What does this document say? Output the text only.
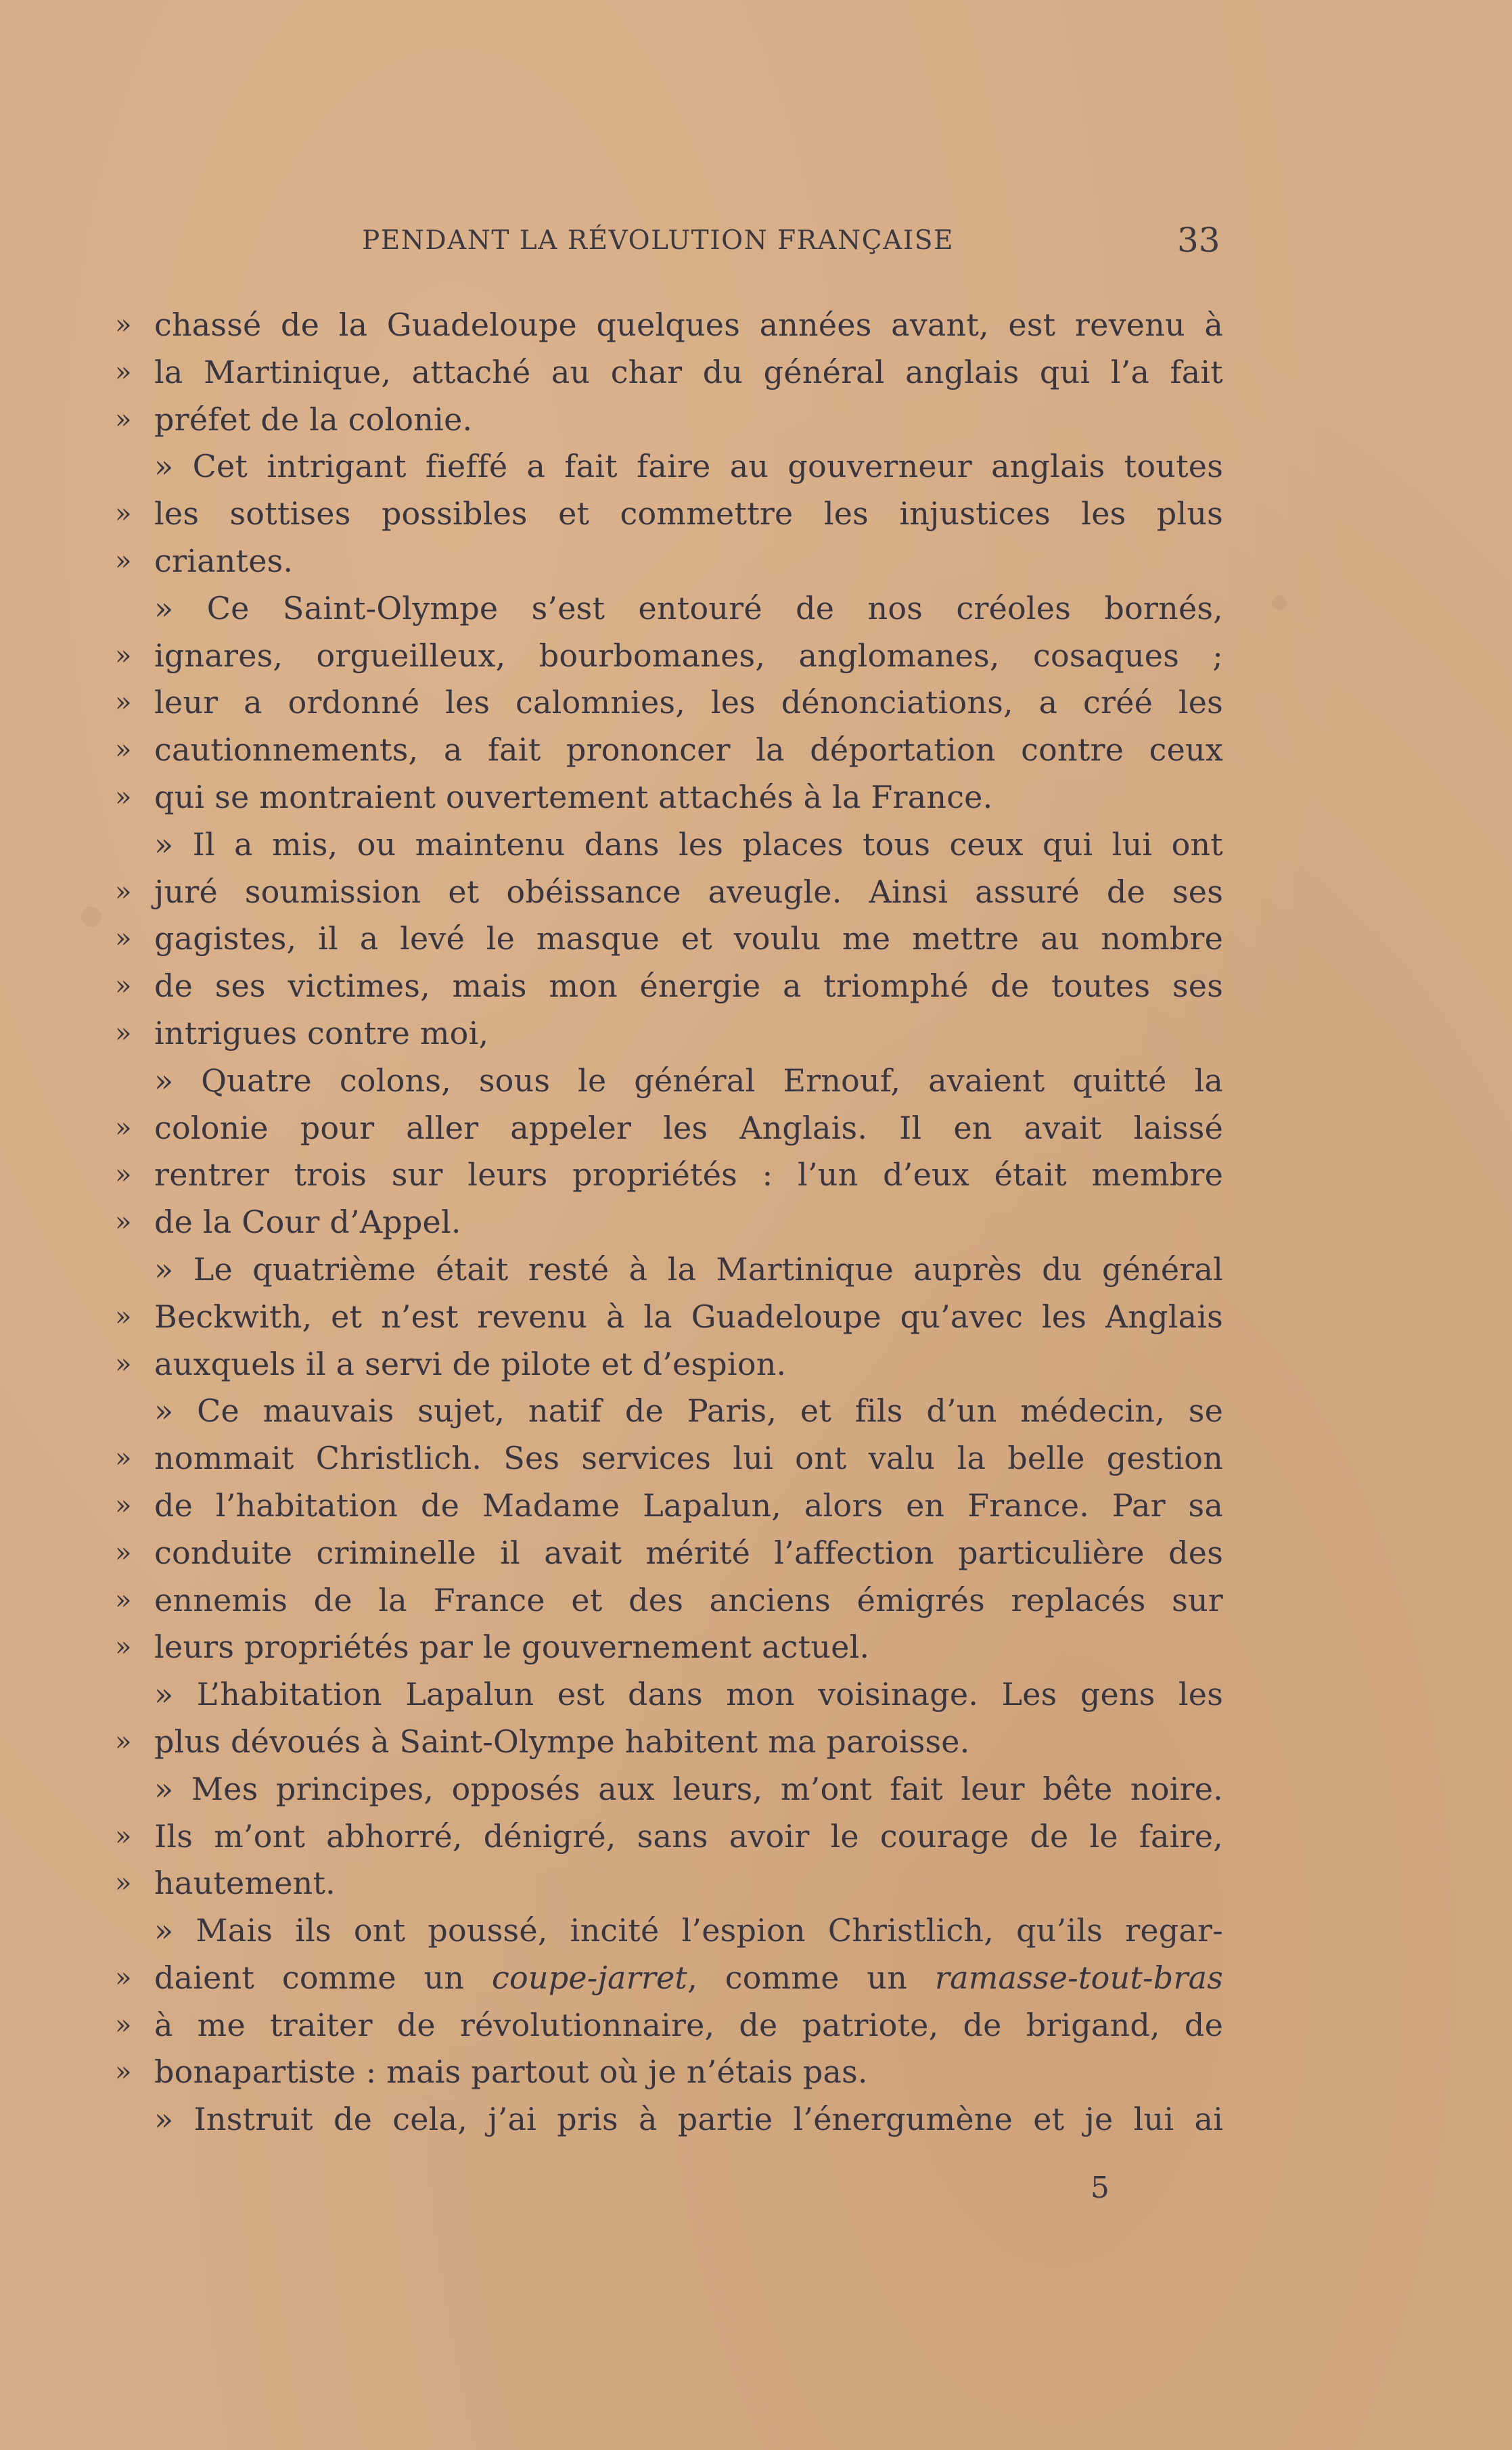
PENDANT LA RÉVOLUTION FRANÇAISE	33
» chassé de la Guadeloupe quelques années avant, est revenu à
» la Martinique, attaché au char du général anglais qui l’a fait
» préfet de la colonie.
» Cet intrigant fieffé a fait faire au gouverneur anglais toutes
» les sottises possibles et commettre les injustices les plus
» criantes.
» Ce Saint-Olympe s’est entouré de nos créoles bornés,
» ignares, orgueilleux, bourbomanes, anglomanes, cosaques ;
» leur a ordonné les calomnies, les dénonciations, a créé les
» cautionnements, a fait prononcer la déportation contre ceux
» qui se montraient ouvertement attachés à la France.
» Il a mis, ou maintenu dans les places tous ceux qui lui ont
» juré soumission et obéissance aveugle. Ainsi assuré de ses
» gagistes, il a levé le masque et voulu me mettre au nombre
» de ses victimes, mais mon énergie a triomphé de toutes ses
» intrigues contre moi,
» Quatre colons, sous le général Ernouf, avaient quitté la
» colonie pour aller appeler les Anglais. Il en avait laissé
» rentrer trois sur leurs propriétés : l’un d’eux était membre
» de la Cour d’Appel.
» Le quatrième était resté à la Martinique auprès du général
» Beckwith, et n’est revenu à la Guadeloupe qu’avec les Anglais
» auxquels il a servi de pilote et d’espion.
» Ce mauvais sujet, natif de Paris, et fils d’un médecin, se
» nommait Christlich. Ses services lui ont valu la belle gestion
» de l’habitation de Madame Lapalun, alors en France. Par sa
» conduite criminelle il avait mérité l’affection particulière des
» ennemis de la France et des anciens émigrés replacés sur
» leurs propriétés par le gouvernement actuel.
» L’habitation Lapalun est dans mon voisinage. Les gens les
» plus dévoués à Saint-Olympe habitent ma paroisse.
» Mes principes, opposés aux leurs, m’ont fait leur bête noire.
» Ils m’ont abhorré, dénigré, sans avoir le courage de le faire,
» hautement.
» Mais ils ont poussé, incité l’espion Christlich, qu’ils regar-
» daient comme un coupe-jarret, comme un ramasse-tout-bras
» à me traiter de révolutionnaire, de patriote, de brigand, de
» bonapartiste : mais partout où je n’étais pas.
» Instruit de cela, j’ai pris à partie l’énergumène et je lui ai
5
